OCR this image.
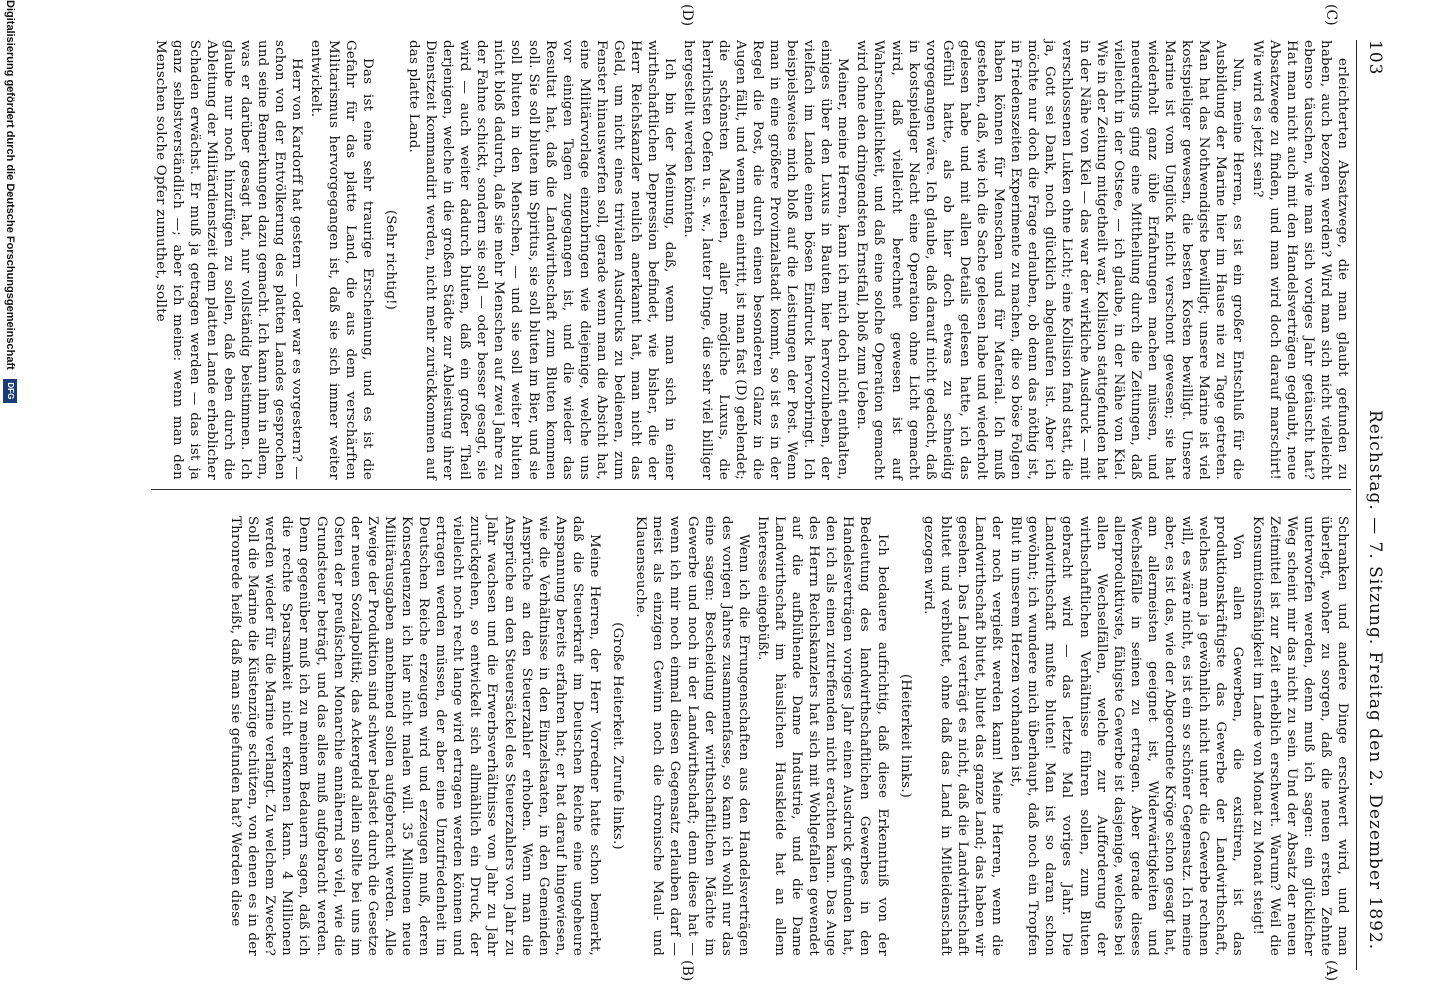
103
Reichstag. — 7. Sitzung. Freitag den 2. Dezember 1892.
(C)
(D)
(A)
(B)

erleichterten Absatzwege, die man glaubt gefunden zu haben, auch bezogen werden? Wird man sich nicht vielleicht ebenso täuschen, wie man sich voriges Jahr getäuscht hat? Hat man nicht auch mit den Handelsverträgen geglaubt, neue Absatzwege zu finden, und man wird doch darauf marschirt! Wie wird es jetzt sein?

Nun, meine Herren, es ist ein großer Entschluß für die Ausbildung der Marine hier im Hause nie zu Tage getreten. Man hat das Nothwendigste bewilligt; unsere Marine ist viel kostspieliger gewesen, die besten Kosten bewilligt. Unsere Marine ist vom Unglück nicht verschont gewesen; sie hat wiederholt ganz üble Erfahrungen machen müssen, und neuerdings ging eine Mittheilung durch die Zeitungen, daß vielleicht in der Ostsee, — ich glaube, in der Nähe von Kiel. Wie in der Zeitung mitgetheilt war, Kollision stattgefunden hat in der Nähe von Kiel — das war der wirkliche Ausdruck — mit verschlossenen Luken ohne Licht; eine Kollision fand statt, die ja, Gott sei Dank, noch glücklich abgelaufen ist. Aber ich möchte nur doch die Frage erlauben, ob denn das nöthig ist, in Friedenszeiten Experimente zu machen, die so böse Folgen haben können für Menschen und für Material. Ich muß gestehen, daß, wie ich die Sache gelesen habe und wiederholt gelesen habe und mit allen Details gelesen hatte, ich das Gefühl hatte, als ob hier doch etwas zu schneidig vorgegangen wäre. Ich glaube, daß darauf nicht gedacht, daß in kostspieliger Nacht eine Operation ohne Licht gemacht wird, daß vielleicht berechnet gewesen ist auf Wahrscheinlichkeit, und daß eine solche Operation gemacht wird ohne den dringendsten Ernstfall, bloß zum Ueben.

Meiner, meine Herren, kann ich mich doch nicht enthalten, einiges über den Luxus in Bauten hier hervorzuheben, der vielfach im Lande einen bösen Eindruck hervorbringt. Ich beispielsweise mich bloß auf die Leistungen der Post. Wenn man in eine größere Provinzialstadt kommt, so ist es in der Regel die Post, die durch einen besonderen Glanz in die Augen fällt, und wenn man eintritt, ist man fast (D) geblendet; die schönsten Malereien, aller mögliche Luxus, die herrlichsten Oefen u. s. w., lauter Dinge, die sehr viel billiger hergestellt werden könnten.

Ich bin der Meinung, daß, wenn man sich in einer wirthschaftlichen Depression befindet, wie bisher, die der Herr Reichskanzler neulich anerkannt hat, man nicht das Geld, um nicht eines trivialen Ausdrucks zu bedienen, zum Fenster hinauswerfen soll, gerade wenn man die Absicht hat, eine Militärvorlage einzubringen wie diejenige, welche uns vor einigen Tagen zugegangen ist, und die wieder das Resultat hat, daß die Landwirthschaft zum Bluten kommen soll. Sie soll bluten im Spiritus, sie soll bluten im Bier, und sie soll bluten in den Menschen, — und sie soll weiter bluten nicht bloß dadurch, daß sie mehr Menschen auf zwei Jahre zu der Fahne schickt, sondern sie soll — oder besser gesagt, sie wird — auch weiter dadurch bluten, daß ein großer Theil derjenigen, welche in die großen Städte zur Ableistung ihrer Dienstzeit kommandirt werden, nicht mehr zurückkommen auf das platte Land.

(Sehr richtig!)

Das ist eine sehr traurige Erscheinung, und es ist die Gefahr für das platte Land, die aus dem verschärften Militarismus hervorgegangen ist, daß sie sich immer weiter entwickelt.

Herr von Kardorff hat gestern — oder war es vorgestern? — schon von der Entvölkerung des platten Landes gesprochen und seine Bemerkungen dazu gemacht. Ich kann ihm in allem, was er darüber gesagt hat, nur vollständig beistimmen. Ich glaube nur noch hinzufügen zu sollen, daß eben durch die Ableitung der Militärdienstzeit dem platten Lande erheblicher Schaden erwächst. Er muß ja getragen werden — das ist ja ganz selbstverständlich —; aber ich meine: wenn man den Menschen solche Opfer zumuthet, sollte

Schranken und andere Dinge erschwert wird, und man überlegt, woher zu sorgen, daß die neuen ersten Zehnte unterworfen werden, denn muß ich sagen: ein glücklicher Weg scheint mir das nicht zu sein. Und der Absatz der neuen Zeitmittel ist zur Zeit erheblich erschwert. Warum? Weil die Konsumtionsfähigkeit im Lande von Monat zu Monat steigt!

Von allen Gewerben, die existiren, ist das produktionskräftigste das Gewerbe der Landwirthschaft, welches man ja gewöhnlich nicht unter die Gewerbe rechnen will, es wäre nicht, es ist ein so schöner Gegensatz. Ich meine aber, es ist das, wie der Abgeordnete Kröge schon gesagt hat, am allermeisten geeignet ist, Widerwärtigkeiten und Wechselfälle in seinen zu ertragen. Aber gerade dieses allerproduktivste, fähigste Gewerbe ist dasjenige, welches bei allen Wechselfällen, welche zur Aufforderung der wirthschaftlichen Verhältnisse führen sollen, zum Bluten gebracht wird — das letzte Mal voriges Jahr. Die Landwirthschaft mußte bluten! Man ist so daran schon gewöhnt; ich wundere mich überhaupt, daß noch ein Tropfen Blut in unserem Herzen vorhanden ist,

der noch vergießt werden kann! Meine Herren, wenn die Landwirthschaft blutet, blutet das ganze Land; das haben wir gesehen. Das Land verträgt es nicht, daß die Landwirthschaft blutet und verblutet, ohne daß das Land in Mitleidenschaft gezogen wird.

(Heiterkeit links.)

Ich bedauere aufrichtig, daß diese Erkenntniß von der Bedeutung des landwirthschaftlichen Gewerbes in den Handelsverträgen voriges Jahr einen Ausdruck gefunden hat, den ich als einen zutreffenden nicht erachten kann. Das Auge des Herrn Reichskanzlers hat sich mit Wohlgefallen gewendet auf die aufblühende Dame Industrie, und die Dame Landwirthschaft im häuslichen Hauskleide hat an allem Interesse eingebüßt.

Wenn ich die Errungenschaften aus den Handelsverträgen des vorigen Jahres zusammenfasse, so kann ich wohl nur das eine sagen: Bescheidung der wirthschaftlichen Mächte im Gewerbe und noch in der Landwirthschaft; denn diese hat — wenn ich mir noch einmal diesen Gegensatz erlauben darf — meist als einzigen Gewinn noch die chronische Maul- und Klauenseuche.

(Große Heiterkeit. Zurufe links.)

Meine Herren, der Herr Vorredner hatte schon bemerkt, daß die Steuerkraft im Deutschen Reiche eine ungeheure Anspannung bereits erfahren hat; er hat darauf hingewiesen, wie die Verhältnisse in den Einzelstaaten, in den Gemeinden Ansprüche an den Steuerzahler erhoben. Wenn man die Ansprüche an den Steuersäckel des Steuerzahlers von Jahr zu Jahr wachsen und die Erwerbsverhältnisse von Jahr zu Jahr zurückgehen, so entwickelt sich allmählich ein Druck, der vielleicht noch recht lange wird ertragen werden können und ertragen werden müssen, der aber eine Unzufriedenheit im Deutschen Reiche erzeugen wird und erzeugen muß, deren Konsequenzen ich hier nicht malen will. 35 Millionen neue Militärausgaben annehmend sollen aufgebracht werden. Alle Zweige der Produktion sind schwer belastet durch die Gesetze der neuen Sozialpolitik; das Ackergeld allein sollte bei uns im Osten der preußischen Monarchie annähernd so viel, wie die Grundsteuer beträgt, und das alles muß aufgebracht werden. Denn gegenüber muß ich zu meinem Bedauern sagen, daß ich die rechte Sparsamkeit nicht erkennen kann. 4 Millionen werden wieder für die Marine verlangt. Zu welchem Zwecke? Soll die Marine die Küstenzüge schützen, von denen es in der Thronrede heißt, daß man sie gefunden hat? Werden diese

Digitalisierung gefördert durch die Deutsche Forschungsgemeinschaft DFG
